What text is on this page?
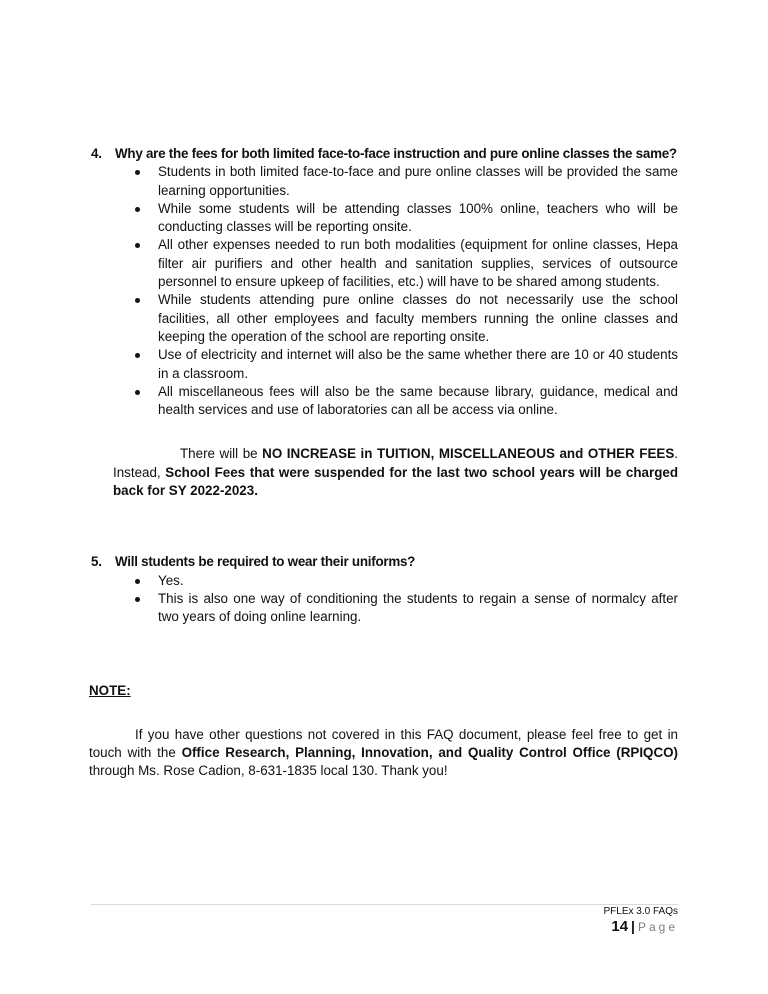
4. Why are the fees for both limited face-to-face instruction and pure online classes the same?
Students in both limited face-to-face and pure online classes will be provided the same learning opportunities.
While some students will be attending classes 100% online, teachers who will be conducting classes will be reporting onsite.
All other expenses needed to run both modalities (equipment for online classes, Hepa filter air purifiers and other health and sanitation supplies, services of outsource personnel to ensure upkeep of facilities, etc.) will have to be shared among students.
While students attending pure online classes do not necessarily use the school facilities, all other employees and faculty members running the online classes and keeping the operation of the school are reporting onsite.
Use of electricity and internet will also be the same whether there are 10 or 40 students in a classroom.
All miscellaneous fees will also be the same because library, guidance, medical and health services and use of laboratories can all be access via online.
There will be NO INCREASE in TUITION, MISCELLANEOUS and OTHER FEES. Instead, School Fees that were suspended for the last two school years will be charged back for SY 2022-2023.
5. Will students be required to wear their uniforms?
Yes.
This is also one way of conditioning the students to regain a sense of normalcy after two years of doing online learning.
NOTE:
If you have other questions not covered in this FAQ document, please feel free to get in touch with the Office Research, Planning, Innovation, and Quality Control Office (RPIQCO) through Ms. Rose Cadion, 8-631-1835 local 130. Thank you!
PFLEx 3.0 FAQs
14 | Page
